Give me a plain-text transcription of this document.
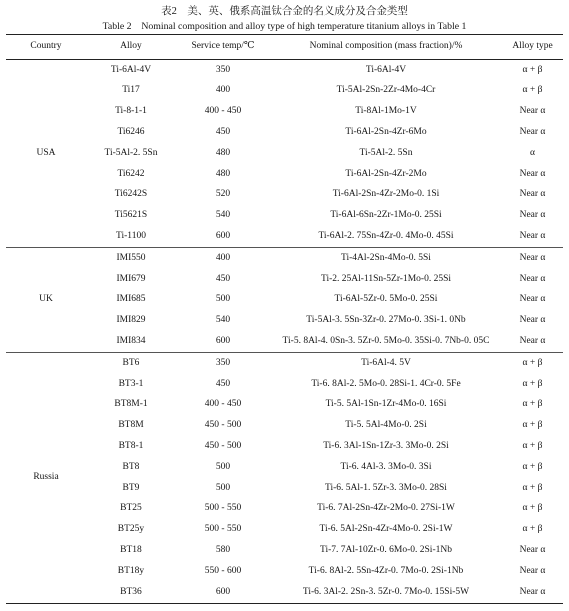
表2　美、英、俄系高温钛合金的名义成分及合金类型
Table 2　Nominal composition and alloy type of high temperature titanium alloys in Table 1
Country	Alloy	Service temp/℃	Nominal composition (mass fraction)/%	Alloy type
USA	Ti-6Al-4V	350	Ti-6Al-4V	α + β
	Ti17	400	Ti-5Al-2Sn-2Zr-4Mo-4Cr	α + β
	Ti-8-1-1	400 - 450	Ti-8Al-1Mo-1V	Near α
	Ti6246	450	Ti-6Al-2Sn-4Zr-6Mo	Near α
	Ti-5Al-2. 5Sn	480	Ti-5Al-2. 5Sn	α
	Ti6242	480	Ti-6Al-2Sn-4Zr-2Mo	Near α
	Ti6242S	520	Ti-6Al-2Sn-4Zr-2Mo-0. 1Si	Near α
	Ti5621S	540	Ti-6Al-6Sn-2Zr-1Mo-0. 25Si	Near α
	Ti-1100	600	Ti-6Al-2. 75Sn-4Zr-0. 4Mo-0. 45Si	Near α
UK	IMI550	400	Ti-4Al-2Sn-4Mo-0. 5Si	Near α
	IMI679	450	Ti-2. 25Al-11Sn-5Zr-1Mo-0. 25Si	Near α
	IMI685	500	Ti-6Al-5Zr-0. 5Mo-0. 25Si	Near α
	IMI829	540	Ti-5Al-3. 5Sn-3Zr-0. 27Mo-0. 3Si-1. 0Nb	Near α
	IMI834	600	Ti-5. 8Al-4. 0Sn-3. 5Zr-0. 5Mo-0. 35Si-0. 7Nb-0. 05C	Near α
Russia	BT6	350	Ti-6Al-4. 5V	α + β
	BT3-1	450	Ti-6. 8Al-2. 5Mo-0. 28Si-1. 4Cr-0. 5Fe	α + β
	BT8M-1	400 - 450	Ti-5. 5Al-1Sn-1Zr-4Mo-0. 16Si	α + β
	BT8M	450 - 500	Ti-5. 5Al-4Mo-0. 2Si	α + β
	BT8-1	450 - 500	Ti-6. 3Al-1Sn-1Zr-3. 3Mo-0. 2Si	α + β
	BT8	500	Ti-6. 4Al-3. 3Mo-0. 3Si	α + β
	BT9	500	Ti-6. 5Al-1. 5Zr-3. 3Mo-0. 28Si	α + β
	BT25	500 - 550	Ti-6. 7Al-2Sn-4Zr-2Mo-0. 27Si-1W	α + β
	BT25y	500 - 550	Ti-6. 5Al-2Sn-4Zr-4Mo-0. 2Si-1W	α + β
	BT18	580	Ti-7. 7Al-10Zr-0. 6Mo-0. 2Si-1Nb	Near α
	BT18y	550 - 600	Ti-6. 8Al-2. 5Sn-4Zr-0. 7Mo-0. 2Si-1Nb	Near α
	BT36	600	Ti-6. 3Al-2. 2Sn-3. 5Zr-0. 7Mo-0. 15Si-5W	Near α
